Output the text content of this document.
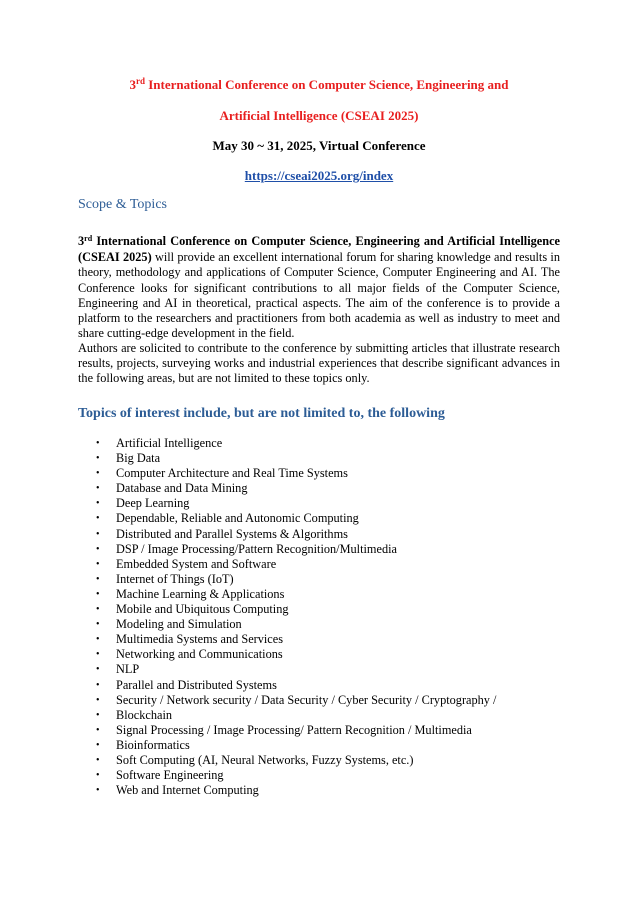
3rd International Conference on Computer Science, Engineering and
Artificial Intelligence (CSEAI 2025)
May 30 ~ 31, 2025, Virtual Conference
https://cseai2025.org/index
Scope & Topics

3rd International Conference on Computer Science, Engineering and Artificial Intelligence (CSEAI 2025) will provide an excellent international forum for sharing knowledge and results in theory, methodology and applications of Computer Science, Computer Engineering and AI. The Conference looks for significant contributions to all major fields of the Computer Science, Engineering and AI in theoretical, practical aspects. The aim of the conference is to provide a platform to the researchers and practitioners from both academia as well as industry to meet and share cutting-edge development in the field.

Authors are solicited to contribute to the conference by submitting articles that illustrate research results, projects, surveying works and industrial experiences that describe significant advances in the following areas, but are not limited to these topics only.

Topics of interest include, but are not limited to, the following
• Artificial Intelligence
• Big Data
• Computer Architecture and Real Time Systems
• Database and Data Mining
• Deep Learning
• Dependable, Reliable and Autonomic Computing
• Distributed and Parallel Systems & Algorithms
• DSP / Image Processing/Pattern Recognition/Multimedia
• Embedded System and Software
• Internet of Things (IoT)
• Machine Learning & Applications
• Mobile and Ubiquitous Computing
• Modeling and Simulation
• Multimedia Systems and Services
• Networking and Communications
• NLP
• Parallel and Distributed Systems
• Security / Network security / Data Security / Cyber Security / Cryptography /
• Blockchain
• Signal Processing / Image Processing/ Pattern Recognition / Multimedia
• Bioinformatics
• Soft Computing (AI, Neural Networks, Fuzzy Systems, etc.)
• Software Engineering
• Web and Internet Computing
